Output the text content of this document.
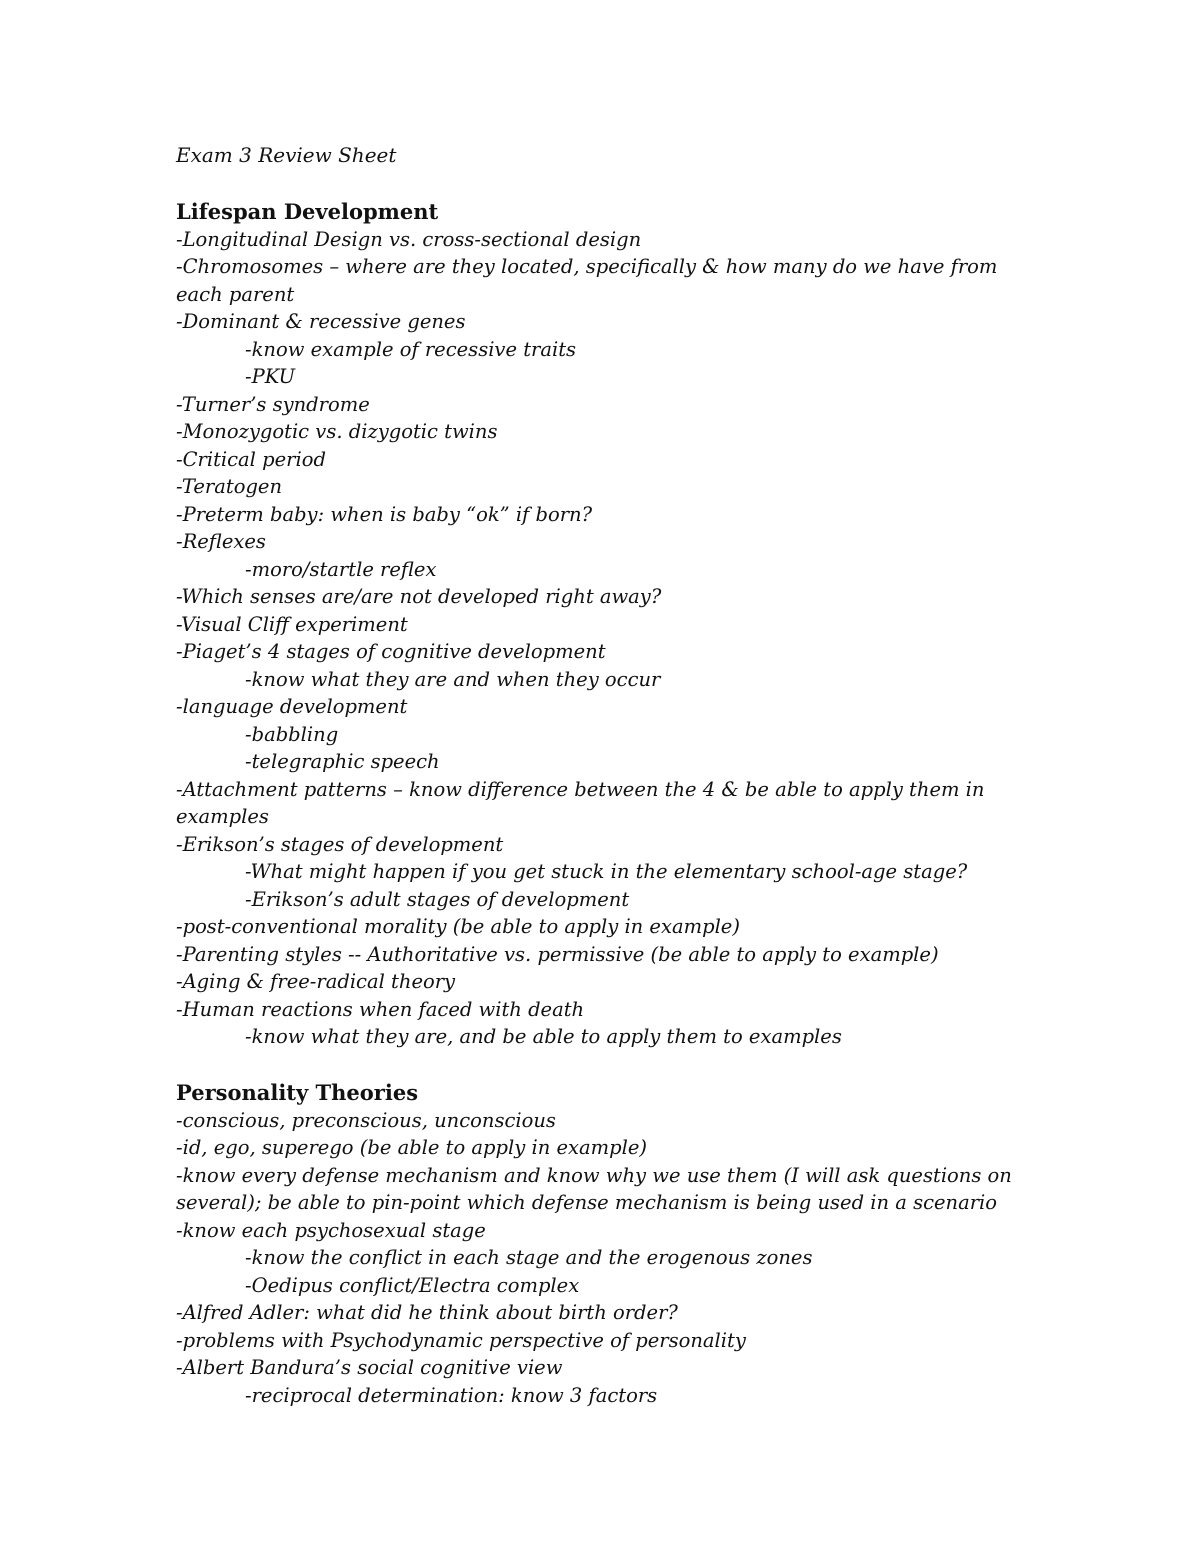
Exam 3 Review Sheet

Lifespan Development

-Longitudinal Design vs. cross-sectional design

-Chromosomes – where are they located, specifically & how many do we have from

each parent

-Dominant & recessive genes

-know example of recessive traits

-PKU

-Turner’s syndrome

-Monozygotic vs. dizygotic twins

-Critical period

-Teratogen

-Preterm baby: when is baby “ok” if born?

-Reflexes

-moro/startle reflex

-Which senses are/are not developed right away?

-Visual Cliff experiment

-Piaget’s 4 stages of cognitive development

-know what they are and when they occur

-language development

-babbling

-telegraphic speech

-Attachment patterns – know difference between the 4 & be able to apply them in

examples

-Erikson’s stages of development

-What might happen if you get stuck in the elementary school-age stage?

-Erikson’s adult stages of development

-post-conventional morality (be able to apply in example)

-Parenting styles -- Authoritative vs. permissive (be able to apply to example)

-Aging & free-radical theory

-Human reactions when faced with death

-know what they are, and be able to apply them to examples

Personality Theories

-conscious, preconscious, unconscious

-id, ego, superego (be able to apply in example)

-know every defense mechanism and know why we use them (I will ask questions on

several); be able to pin-point which defense mechanism is being used in a scenario

-know each psychosexual stage

-know the conflict in each stage and the erogenous zones

-Oedipus conflict/Electra complex

-Alfred Adler: what did he think about birth order?

-problems with Psychodynamic perspective of personality

-Albert Bandura’s social cognitive view

-reciprocal determination: know 3 factors
